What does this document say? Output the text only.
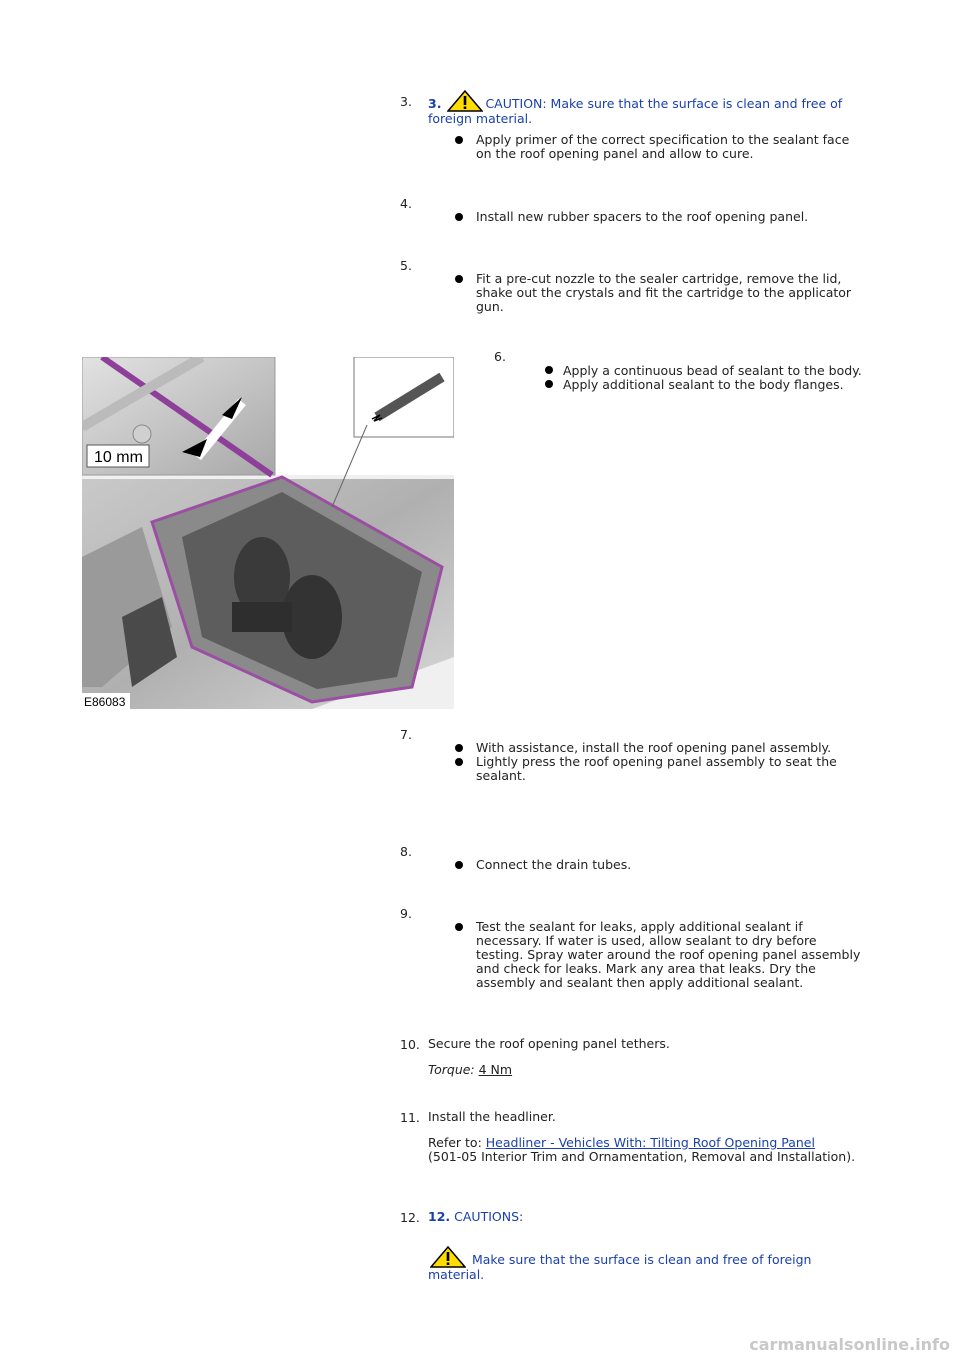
3.	3.	CAUTION: Make sure that the surface is clean and free of
foreign material.
Apply primer of the correct specification to the sealant face
on the roof opening panel and allow to cure.
4.
Install new rubber spacers to the roof opening panel.
5.
Fit a pre-cut nozzle to the sealer cartridge, remove the lid,
shake out the crystals and fit the cartridge to the applicator
gun.
10 mm
E86083
6.
Apply a continuous bead of sealant to the body.
Apply additional sealant to the body flanges.
7.
With assistance, install the roof opening panel assembly.
Lightly press the roof opening panel assembly to seat the
sealant.
8.
Connect the drain tubes.
9.
Test the sealant for leaks, apply additional sealant if
necessary. If water is used, allow sealant to dry before
testing. Spray water around the roof opening panel assembly
and check for leaks. Mark any area that leaks. Dry the
assembly and sealant then apply additional sealant.
10. Secure the roof opening panel tethers.
Torque: 4 Nm
11. Install the headliner.
Refer to: Headliner - Vehicles With: Tilting Roof Opening Panel
(501-05 Interior Trim and Ornamentation, Removal and Installation).
12. 12. CAUTIONS:
Make sure that the surface is clean and free of foreign
material.
carmanualsonline.info
